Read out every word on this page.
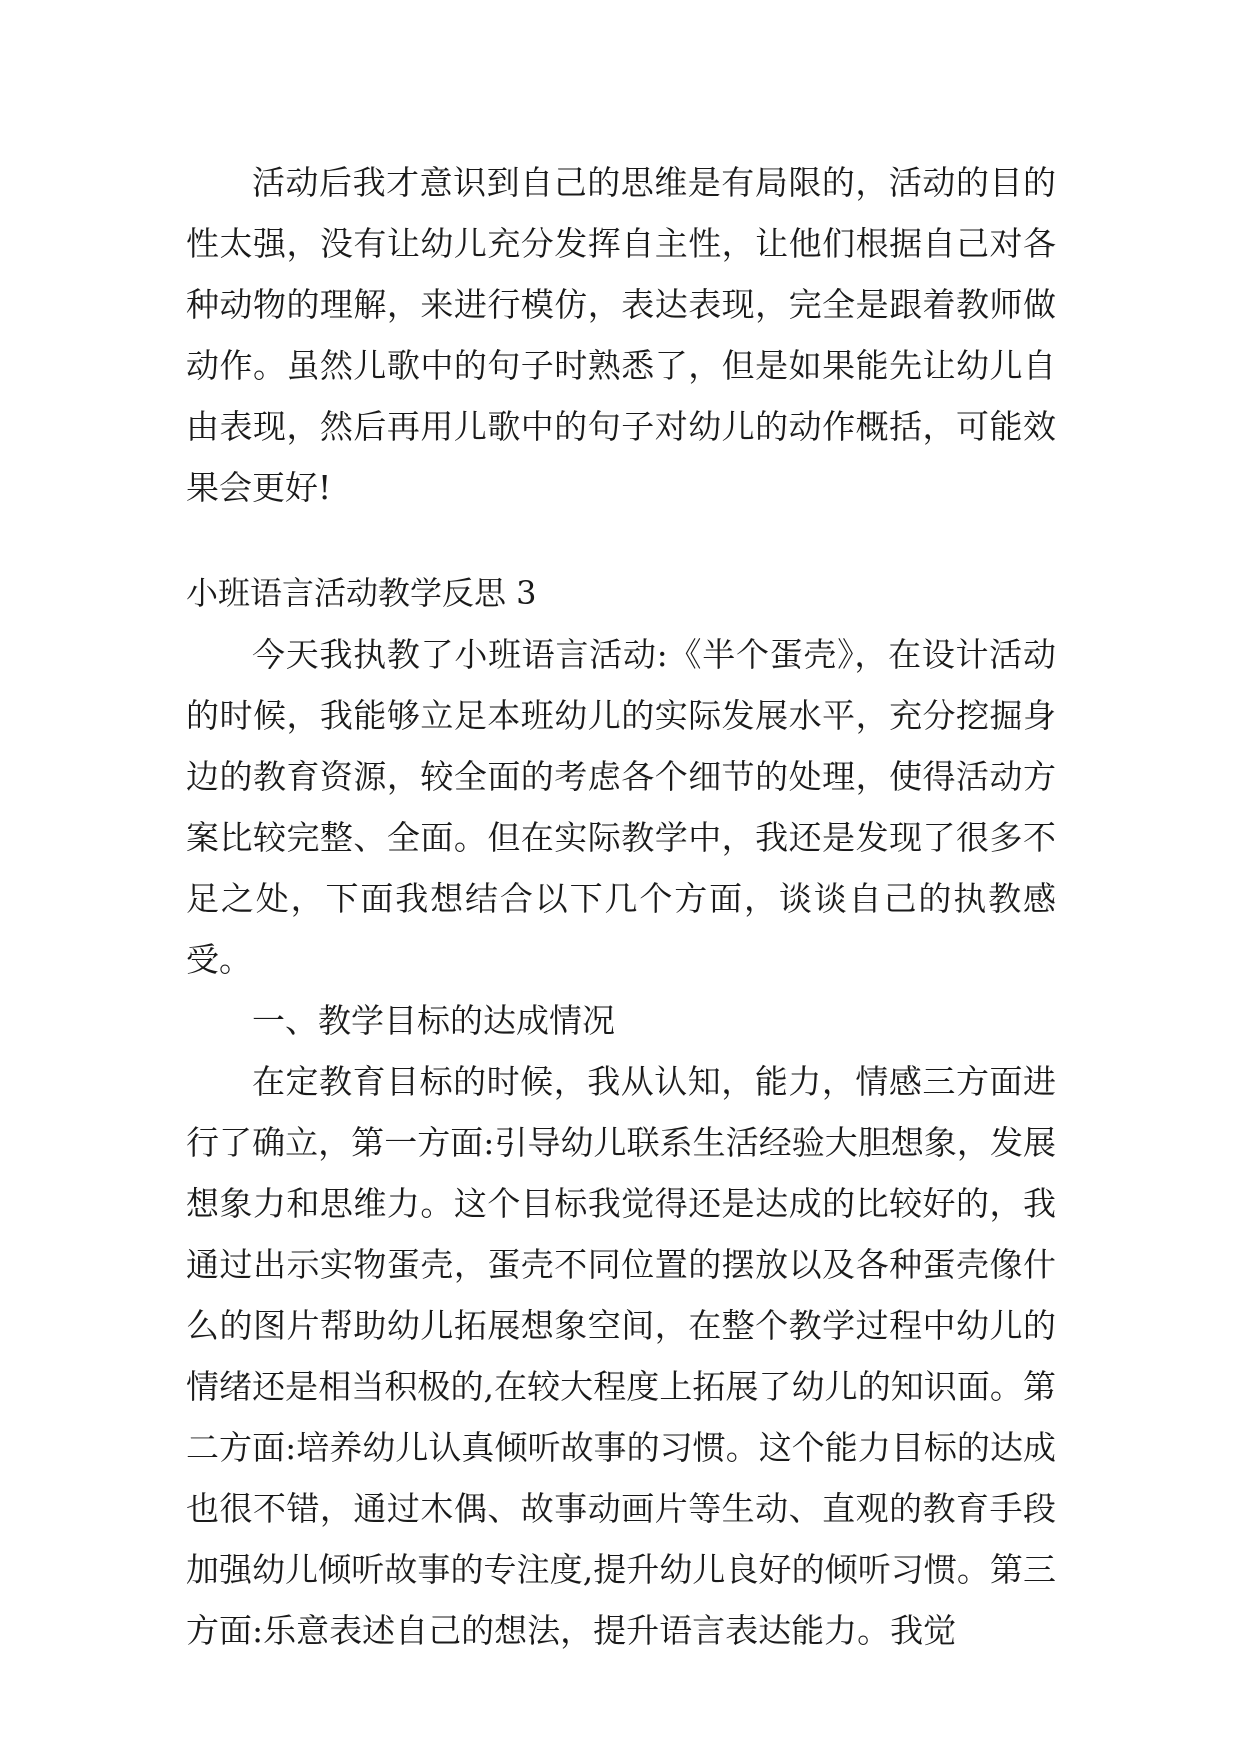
活动后我才意识到自己的思维是有局限的，活动的目的性太强，没有让幼儿充分发挥自主性，让他们根据自己对各种动物的理解，来进行模仿，表达表现，完全是跟着教师做动作。虽然儿歌中的句子时熟悉了，但是如果能先让幼儿自由表现，然后再用儿歌中的句子对幼儿的动作概括，可能效果会更好!

小班语言活动教学反思 3

今天我执教了小班语言活动:《半个蛋壳》，在设计活动的时候，我能够立足本班幼儿的实际发展水平，充分挖掘身边的教育资源，较全面的考虑各个细节的处理，使得活动方案比较完整、全面。但在实际教学中，我还是发现了很多不足之处，下面我想结合以下几个方面，谈谈自己的执教感受。

一、教学目标的达成情况

在定教育目标的时候，我从认知，能力，情感三方面进行了确立，第一方面:引导幼儿联系生活经验大胆想象，发展想象力和思维力。这个目标我觉得还是达成的比较好的，我通过出示实物蛋壳，蛋壳不同位置的摆放以及各种蛋壳像什么的图片帮助幼儿拓展想象空间，在整个教学过程中幼儿的情绪还是相当积极的,在较大程度上拓展了幼儿的知识面。第二方面:培养幼儿认真倾听故事的习惯。这个能力目标的达成也很不错，通过木偶、故事动画片等生动、直观的教育手段加强幼儿倾听故事的专注度,提升幼儿良好的倾听习惯。第三方面:乐意表述自己的想法，提升语言表达能力。我觉
